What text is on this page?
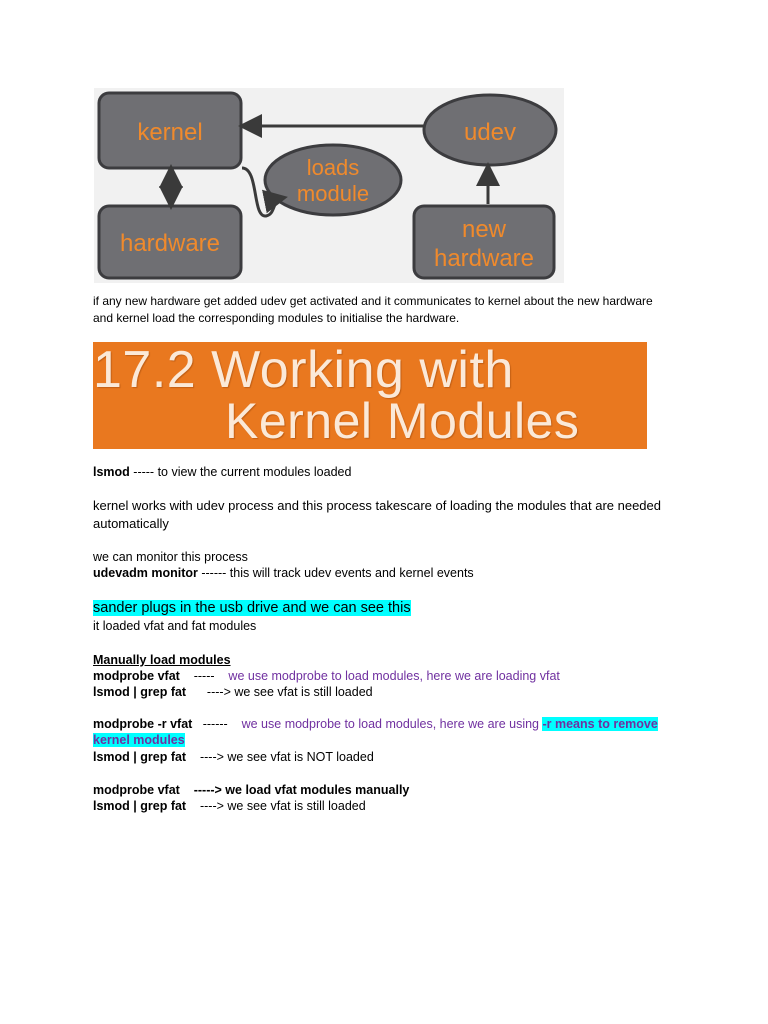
kernel
hardware
loads
module
udev
new
hardware
if any new hardware get added udev get activated and it communicates to kernel about the new hardware and kernel load the corresponding modules to initialise the hardware.
17.2 Working with
Kernel Modules
lsmod ----- to view the current modules loaded
kernel works with udev process and this process takescare of loading the modules that are needed automatically
we can monitor this process
udevadm monitor ------ this will track udev events and kernel events
sander plugs in the usb drive and we can see this
it loaded vfat and fat modules
Manually load modules
modprobe vfat    -----    we use modprobe to load modules, here we are loading vfat
lsmod | grep fat      ----> we see vfat is still loaded
modprobe -r vfat   ------    we use modprobe to load modules, here we are using -r means to remove
kernel modules
lsmod | grep fat    ----> we see vfat is NOT loaded
modprobe vfat    -----> we load vfat modules manually
lsmod | grep fat    ----> we see vfat is still loaded
